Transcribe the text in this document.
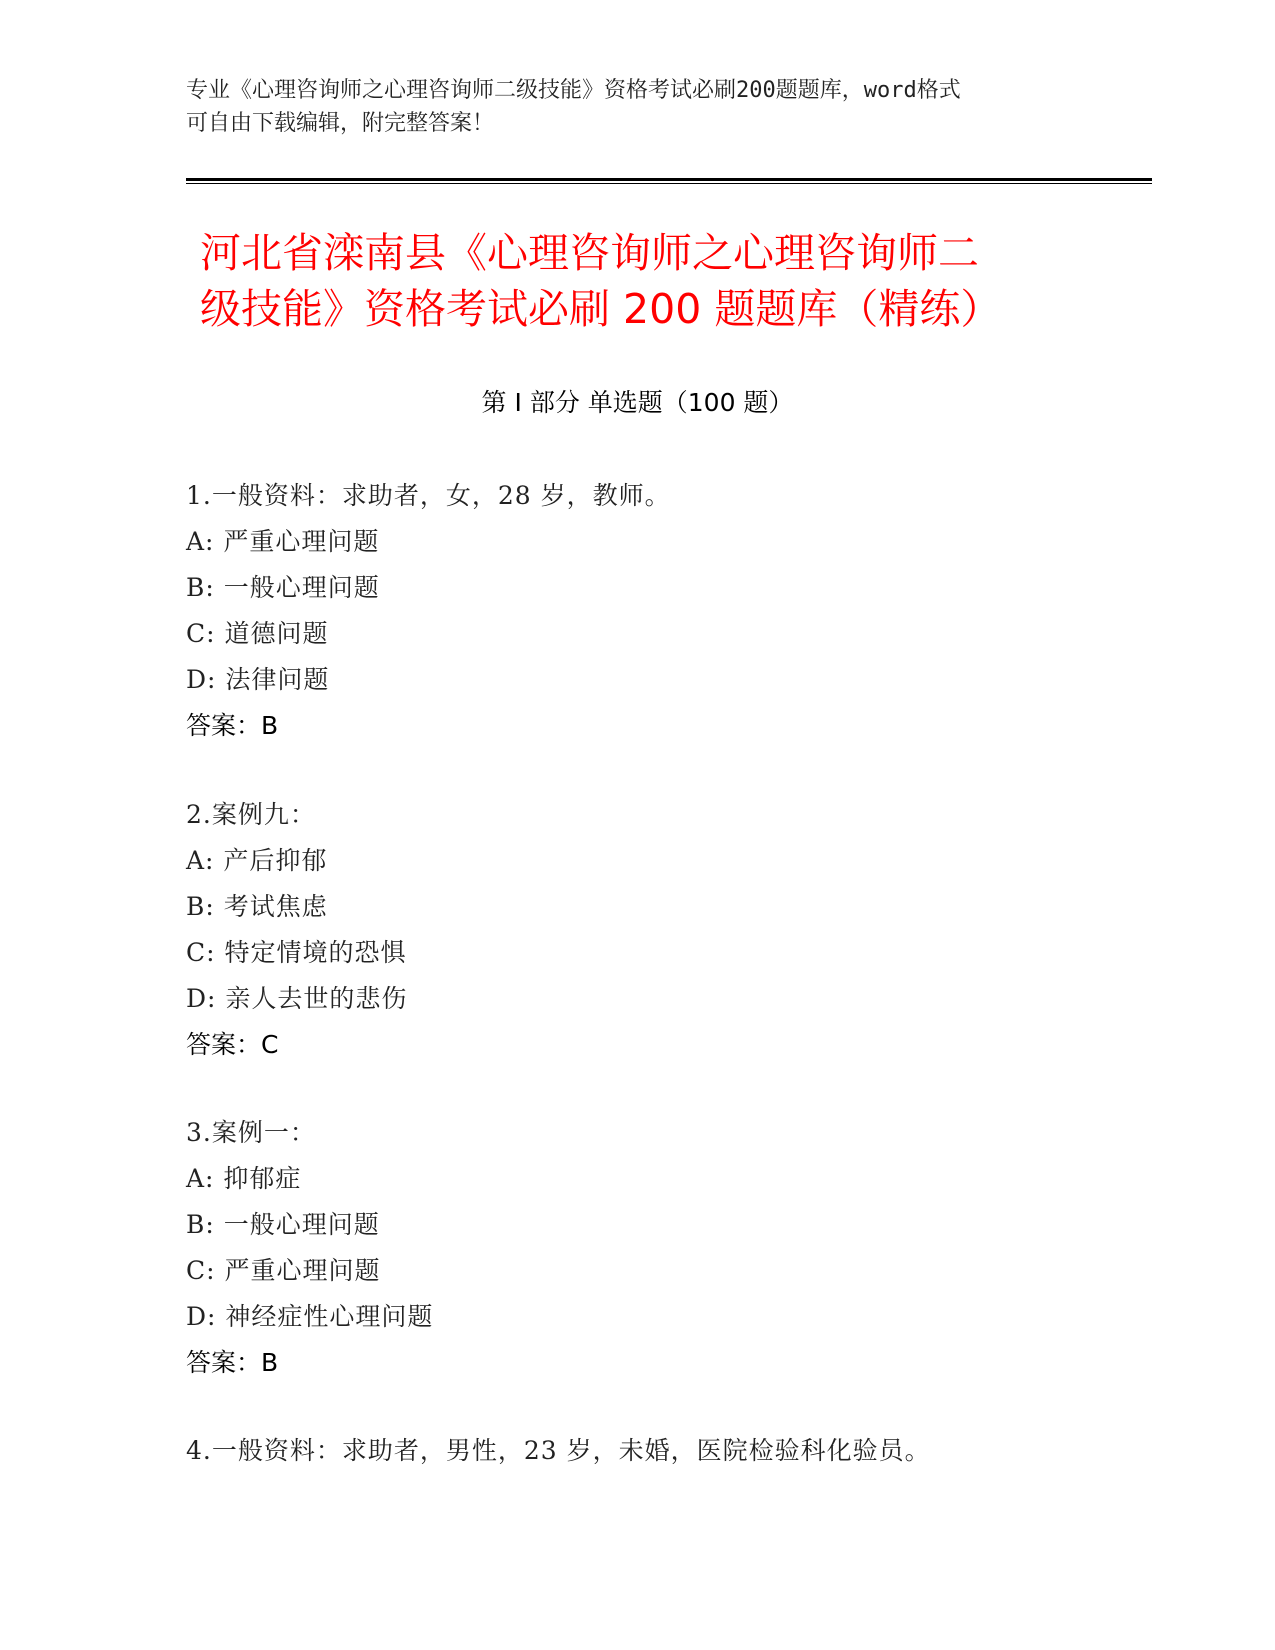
专业《心理咨询师之心理咨询师二级技能》资格考试必刷200题题库，word格式
可自由下载编辑，附完整答案！
河北省滦南县《心理咨询师之心理咨询师二
级技能》资格考试必刷 200 题题库（精练）
第 I 部分 单选题（100 题）
1.一般资料：求助者，女，28 岁，教师。
A: 严重心理问题
B: 一般心理问题
C: 道德问题
D: 法律问题
答案：B
2.案例九：
A: 产后抑郁
B: 考试焦虑
C: 特定情境的恐惧
D: 亲人去世的悲伤
答案：C
3.案例一：
A: 抑郁症
B: 一般心理问题
C: 严重心理问题
D: 神经症性心理问题
答案：B
4.一般资料：求助者，男性，23 岁，未婚，医院检验科化验员。
